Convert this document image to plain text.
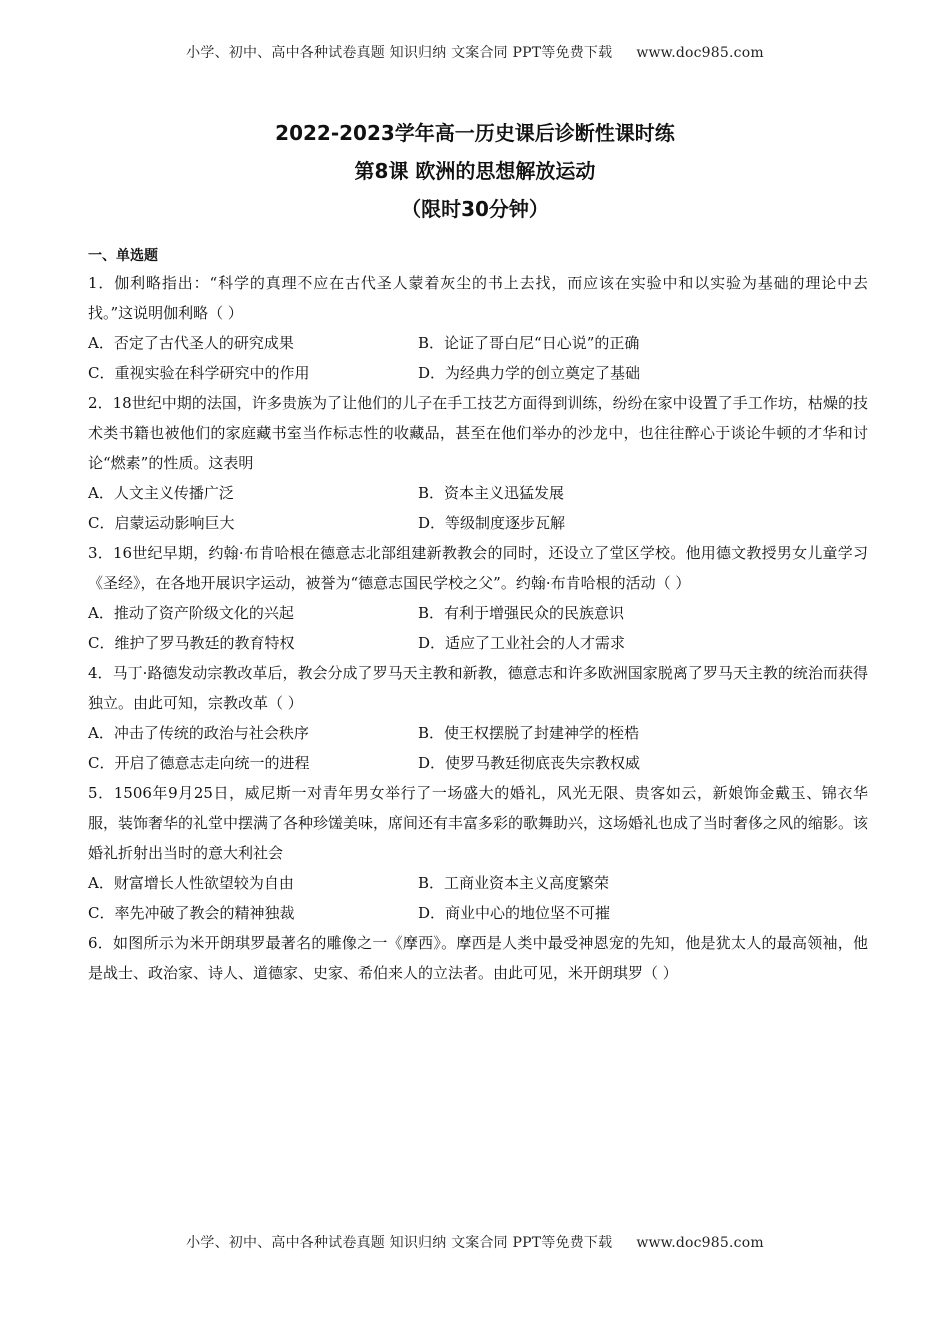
小学、初中、高中各种试卷真题 知识归纳 文案合同 PPT等免费下载 www.doc985.com
2022-2023学年高一历史课后诊断性课时练
第8课 欧洲的思想解放运动
（限时30分钟）
一、单选题
1．伽利略指出：“科学的真理不应在古代圣人蒙着灰尘的书上去找，而应该在实验中和以实验为基础的理论中去找。”这说明伽利略（ ）
A．否定了古代圣人的研究成果	B．论证了哥白尼“日心说”的正确
C．重视实验在科学研究中的作用	D．为经典力学的创立奠定了基础
2．18世纪中期的法国，许多贵族为了让他们的儿子在手工技艺方面得到训练，纷纷在家中设置了手工作坊，枯燥的技术类书籍也被他们的家庭藏书室当作标志性的收藏品，甚至在他们举办的沙龙中，也往往醉心于谈论牛顿的才华和讨论“燃素”的性质。这表明
A．人文主义传播广泛	B．资本主义迅猛发展
C．启蒙运动影响巨大	D．等级制度逐步瓦解
3．16世纪早期，约翰·布肯哈根在德意志北部组建新教教会的同时，还设立了堂区学校。他用德文教授男女儿童学习《圣经》，在各地开展识字运动，被誉为“德意志国民学校之父”。约翰·布肯哈根的活动（ ）
A．推动了资产阶级文化的兴起	B．有利于增强民众的民族意识
C．维护了罗马教廷的教育特权	D．适应了工业社会的人才需求
4．马丁·路德发动宗教改革后，教会分成了罗马天主教和新教，德意志和许多欧洲国家脱离了罗马天主教的统治而获得独立。由此可知，宗教改革（ ）
A．冲击了传统的政治与社会秩序	B．使王权摆脱了封建神学的桎梏
C．开启了德意志走向统一的进程	D．使罗马教廷彻底丧失宗教权威
5．1506年9月25日，威尼斯一对青年男女举行了一场盛大的婚礼，风光无限、贵客如云，新娘饰金戴玉、锦衣华服，装饰奢华的礼堂中摆满了各种珍馐美味，席间还有丰富多彩的歌舞助兴，这场婚礼也成了当时奢侈之风的缩影。该婚礼折射出当时的意大利社会
A．财富增长人性欲望较为自由	B．工商业资本主义高度繁荣
C．率先冲破了教会的精神独裁	D．商业中心的地位坚不可摧
6．如图所示为米开朗琪罗最著名的雕像之一《摩西》。摩西是人类中最受神恩宠的先知，他是犹太人的最高领袖，他是战士、政治家、诗人、道德家、史家、希伯来人的立法者。由此可见，米开朗琪罗（ ）
小学、初中、高中各种试卷真题 知识归纳 文案合同 PPT等免费下载 www.doc985.com
